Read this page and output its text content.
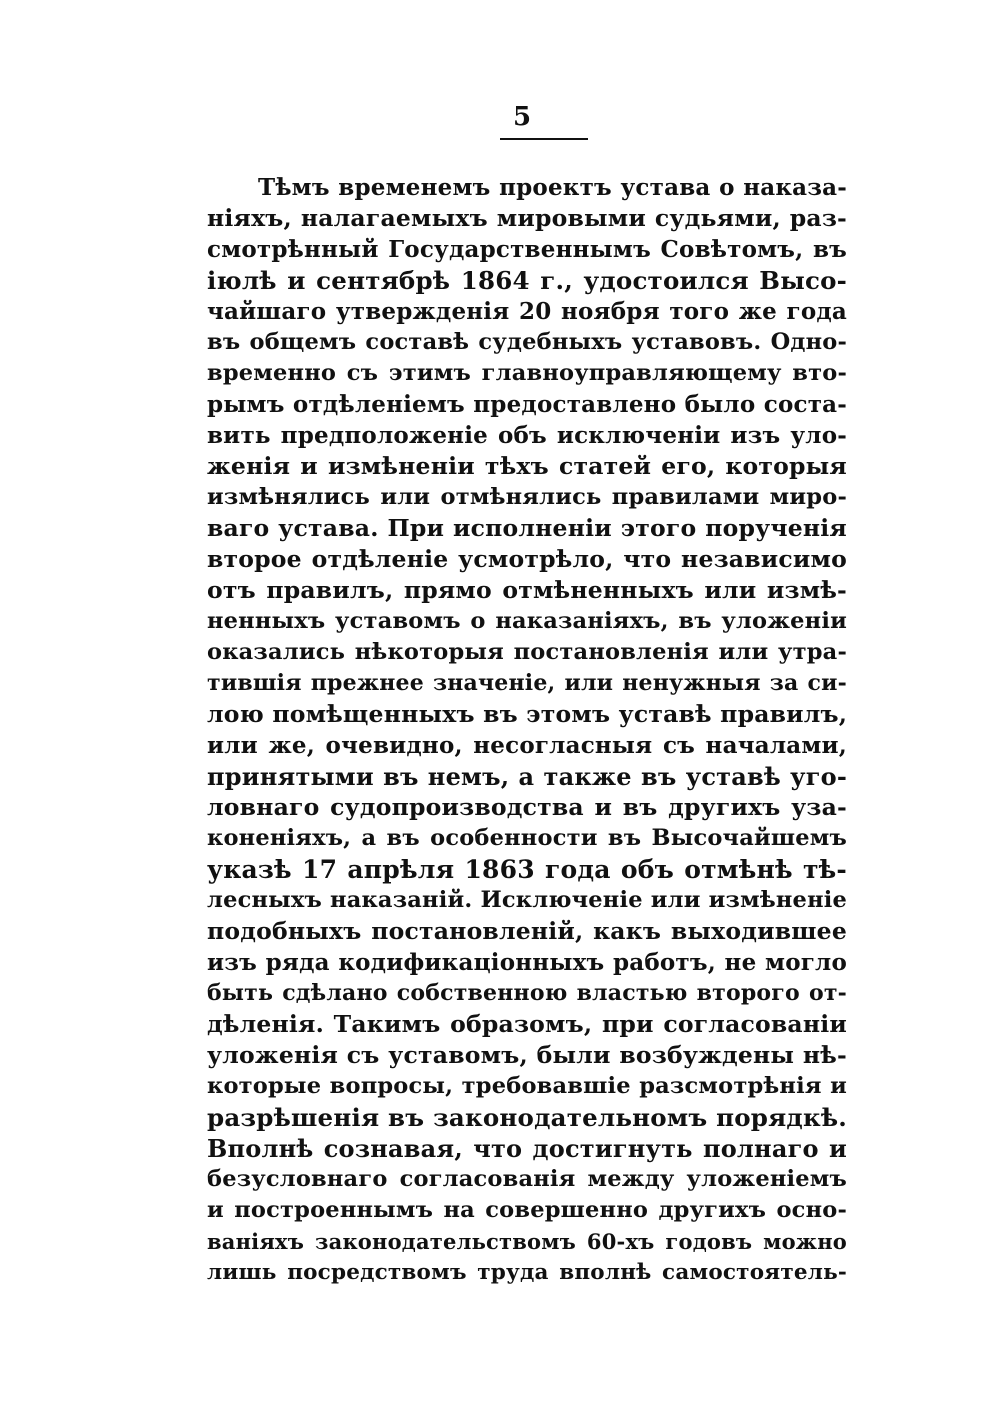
5
Тѣмъ временемъ проектъ устава о наказа-
ніяхъ, налагаемыхъ мировыми судьями, раз-
смотрѣнный Государственнымъ Совѣтомъ, въ
іюлѣ и сентябрѣ 1864 г., удостоился Высо-
чайшаго утвержденія 20 ноября того же года
въ общемъ составѣ судебныхъ уставовъ. Одно-
временно съ этимъ главноуправляющему вто-
рымъ отдѣленіемъ предоставлено было соста-
вить предположеніе объ исключеніи изъ уло-
женія и измѣненіи тѣхъ статей его, которыя
измѣнялись или отмѣнялись правилами миро-
ваго устава. При исполненіи этого порученія
второе отдѣленіе усмотрѣло, что независимо
отъ правилъ, прямо отмѣненныхъ или измѣ-
ненныхъ уставомъ о наказаніяхъ, въ уложеніи
оказались нѣкоторыя постановленія или утра-
тившія прежнее значеніе, или ненужныя за си-
лою помѣщенныхъ въ этомъ уставѣ правилъ,
или же, очевидно, несогласныя съ началами,
принятыми въ немъ, а также въ уставѣ уго-
ловнаго судопроизводства и въ другихъ уза-
коненіяхъ, а въ особенности въ Высочайшемъ
указѣ 17 апрѣля 1863 года объ отмѣнѣ тѣ-
лесныхъ наказаній. Исключеніе или измѣненіе
подобныхъ постановленій, какъ выходившее
изъ ряда кодификаціонныхъ работъ, не могло
быть сдѣлано собственною властью второго от-
дѣленія. Такимъ образомъ, при согласованіи
уложенія съ уставомъ, были возбуждены нѣ-
которые вопросы, требовавшіе разсмотрѣнія и
разрѣшенія въ законодательномъ порядкѣ.
Вполнѣ сознавая, что достигнуть полнаго и
безусловнаго согласованія между уложеніемъ
и построеннымъ на совершенно другихъ осно-
ваніяхъ законодательствомъ 60-хъ годовъ можно
лишь посредствомъ труда вполнѣ самостоятель-
